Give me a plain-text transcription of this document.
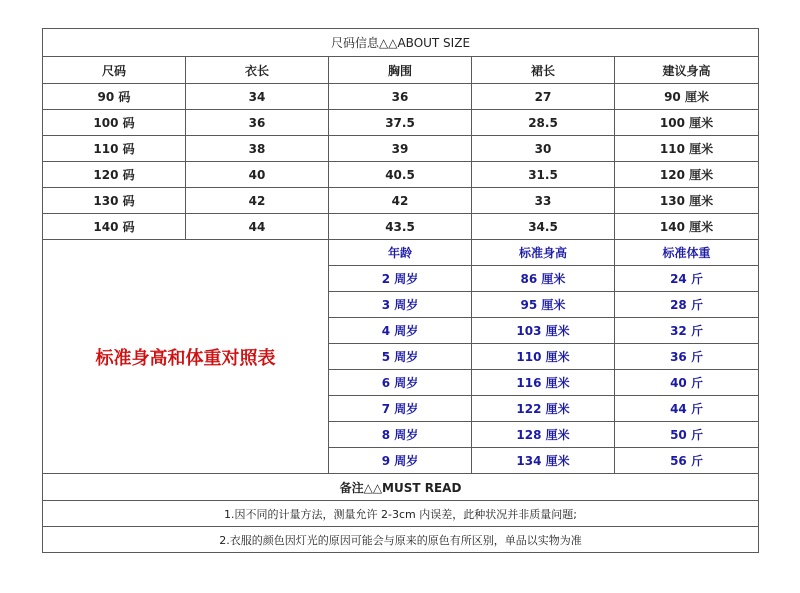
尺码信息△△ABOUT SIZE				
尺码	衣长	胸围	裙长	建议身高
90 码	34	36	27	90 厘米
100 码	36	37.5	28.5	100 厘米
110 码	38	39	30	110 厘米
120 码	40	40.5	31.5	120 厘米
130 码	42	42	33	130 厘米
140 码	44	43.5	34.5	140 厘米
标准身高和体重对照表		年龄	标准身高	标准体重
		2 周岁	86 厘米	24 斤
		3 周岁	95 厘米	28 斤
		4 周岁	103 厘米	32 斤
		5 周岁	110 厘米	36 斤
		6 周岁	116 厘米	40 斤
		7 周岁	122 厘米	44 斤
		8 周岁	128 厘米	50 斤
		9 周岁	134 厘米	56 斤
备注△△MUST READ				
1.因不同的计量方法，测量允许 2-3cm 内误差，此种状况并非质量问题;				
2.衣服的颜色因灯光的原因可能会与原来的原色有所区别，单品以实物为准				
